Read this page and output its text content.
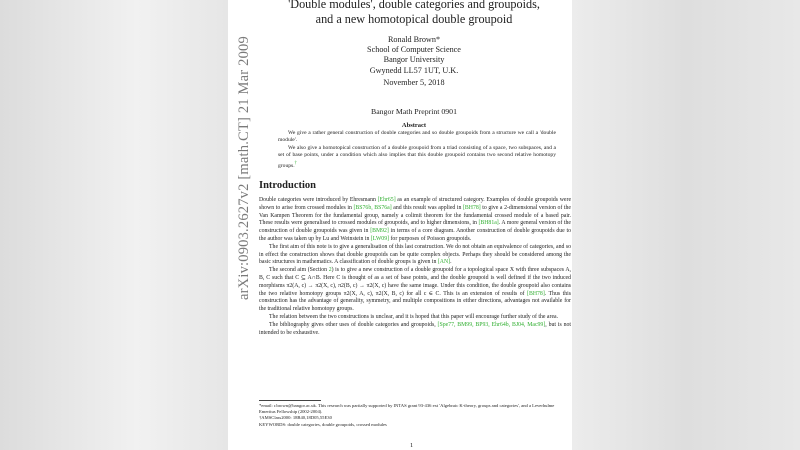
arXiv:0903.2627v2 [math.CT] 21 Mar 2009
'Double modules', double categories and groupoids,
and a new homotopical double groupoid
Ronald Brown*
School of Computer Science
Bangor University
Gwynedd LL57 1UT, U.K.
November 5, 2018
Bangor Math Preprint 0901
Abstract

We give a rather general construction of double categories and so double groupoids from a structure we call a 'double module'.

We also give a homotopical construction of a double groupoid from a triad consisting of a space, two subspaces, and a set of base points, under a condition which also implies that this double groupoid contains two second relative homotopy groups.†

Introduction

Double categories were introduced by Ehresmann [Ehr65] as an example of structured category. Examples of double groupoids were shown to arise from crossed modules in [BS76b, BS76a] and this result was applied in [BH78] to give a 2-dimensional version of the Van Kampen Theorem for the fundamental group, namely a colimit theorem for the fundamental crossed module of a based pair. These results were generalised to crossed modules of groupoids, and to higher dimensions, in [BH81a]. A more general version of the construction of double groupoids was given in [BM92] in terms of a core diagram. Another construction of double groupoids due to the author was taken up by Lu and Weinstein in [LW09] for purposes of Poisson groupoids.

The first aim of this note is to give a generalisation of this last construction. We do not obtain an equivalence of categories, and so in effect the construction shows that double groupoids can be quite complex objects. Perhaps they should be considered among the basic structures in mathematics. A classification of double groups is given in [AN].

The second aim (Section 2) is to give a new construction of a double groupoid for a topological space X with three subspaces A, B, C such that C ⊆ A∩B. Here C is thought of as a set of base points, and the double groupoid is well defined if the two induced morphisms π2(A, c) → π2(X, c), π2(B, c) → π2(X, c) have the same image. Under this condition, the double groupoid also contains the two relative homotopy groups π2(X, A, c), π2(X, B, c) for all c ∈ C. This is an extension of results of [BH78]. Thus this construction has the advantage of generality, symmetry, and multiple compositions in either directions, advantages not available for the traditional relative homotopy groups.

The relation between the two constructions is unclear, and it is hoped that this paper will encourage further study of the area.

The bibliography gives other uses of double categories and groupoids, [Spe77, BM99, BP93, Ehr64b, BJ04, Mac99], but is not intended to be exhaustive.

*email: r.brown@bangor.ac.uk. This research was partially supported by INTAS grant 93-436 ext 'Algebraic K-theory, groups and categories', and a Leverhulme Emeritus Fellowship (2002-2004).
†AMSClass2000: 18B40,18D05,55E30
KEYWORDS: double categories, double groupoids, crossed modules
1
